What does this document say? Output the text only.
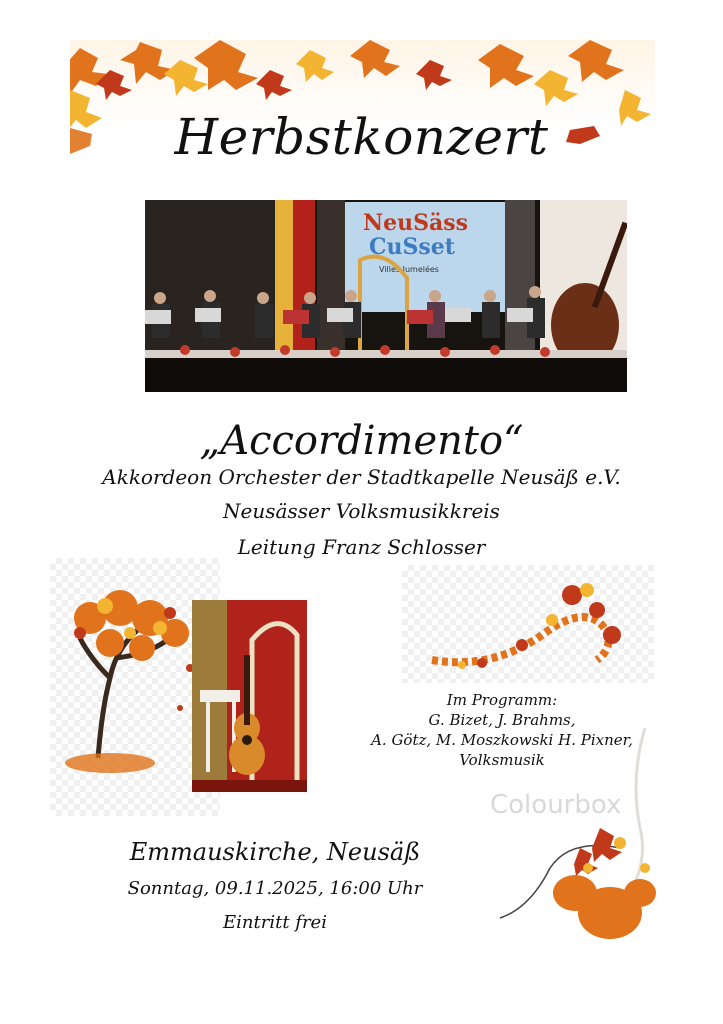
Herbstkonzert
NeuSäss
CuSset
Villes Jumelées
„Accordimento“
Akkordeon Orchester der Stadtkapelle Neusäß e.V.
Neusässer Volksmusikkreis
Leitung Franz Schlosser
Im Programm:
G. Bizet, J. Brahms,
A. Götz, M. Moszkowski H. Pixner,
Volksmusik
Colourbox
Emmauskirche, Neusäß
Sonntag, 09.11.2025, 16:00 Uhr
Eintritt frei
